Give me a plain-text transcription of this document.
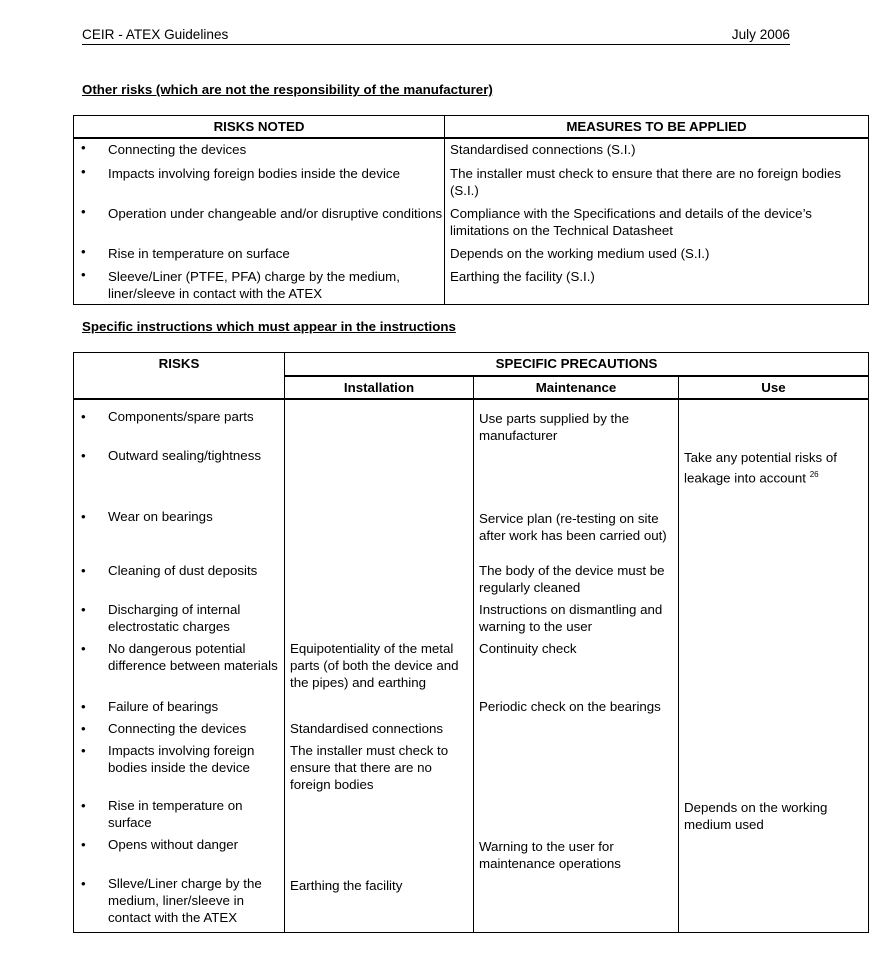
CEIR - ATEX Guidelines	July 2006
Other risks (which are not the responsibility of the manufacturer)
RISKS NOTED	MEASURES TO BE APPLIED

• Connecting the devices	Standardised connections (S.I.)

• Impacts involving foreign bodies inside the device	The installer must check to ensure that there are no foreign bodies (S.I.)

• Operation under changeable and/or disruptive conditions	Compliance with the Specifications and details of the device’s limitations on the Technical Datasheet

• Rise in temperature on surface	Depends on the working medium used (S.I.)

• Sleeve/Liner (PTFE, PFA) charge by the medium, liner/sleeve in contact with the ATEX	Earthing the facility (S.I.)
Specific instructions which must appear in the instructions
RISKS	SPECIFIC PRECAUTIONS		
	Installation	Maintenance	Use

• Components/spare parts		Use parts supplied by the manufacturer	

• Outward sealing/tightness			Take any potential risks of leakage into account $^{26}$

• Wear on bearings		Service plan (re-testing on site after work has been carried out)	

• Cleaning of dust deposits		The body of the device must be regularly cleaned	

• Discharging of internal electrostatic charges		Instructions on dismantling and warning to the user	

• No dangerous potential difference between materials	Equipotentiality of the metal parts (of both the device and the pipes) and earthing	Continuity check	

• Failure of bearings		Periodic check on the bearings	

• Connecting the devices	Standardised connections		

• Impacts involving foreign bodies inside the device	The installer must check to ensure that there are no foreign bodies		

• Rise in temperature on surface			Depends on the working medium used

• Opens without danger		Warning to the user for maintenance operations	

• Slleve/Liner charge by the medium, liner/sleeve in contact with the ATEX	Earthing the facility		
